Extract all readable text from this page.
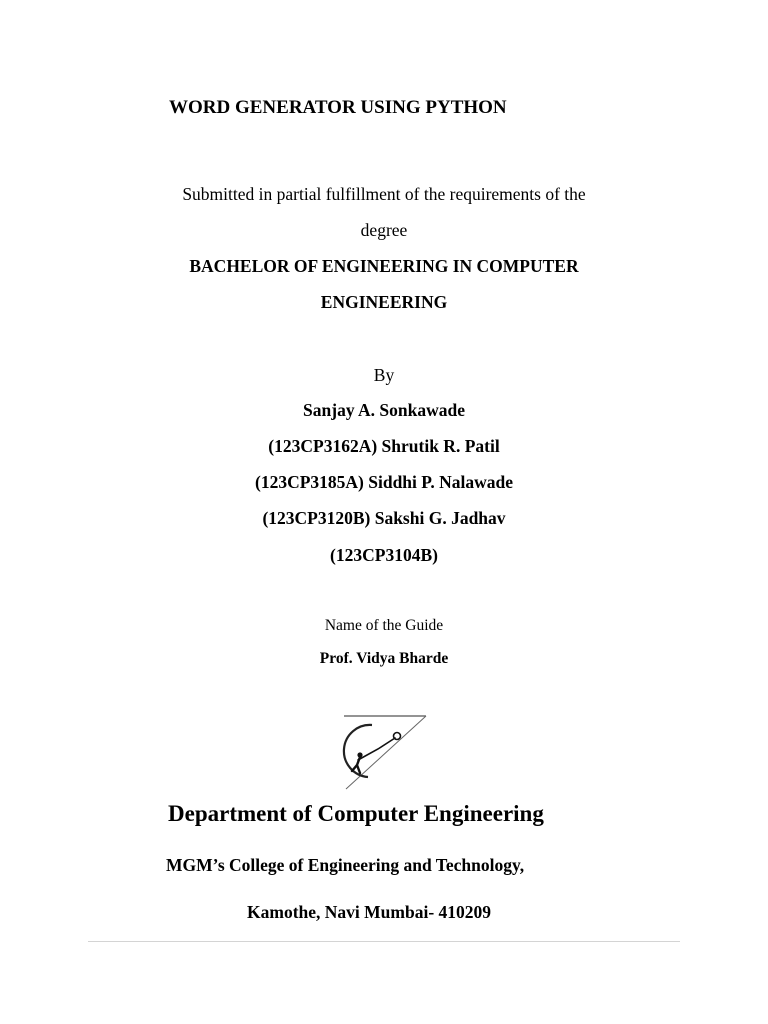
WORD GENERATOR USING PYTHON
Submitted in partial fulfillment of the requirements of the
degree
BACHELOR OF ENGINEERING IN COMPUTER
ENGINEERING
By
Sanjay A. Sonkawade
(123CP3162A) Shrutik R. Patil
(123CP3185A) Siddhi P. Nalawade
(123CP3120B) Sakshi G. Jadhav
(123CP3104B)
Name of the Guide
Prof. Vidya Bharde
Department of Computer Engineering
MGM’s College of Engineering and Technology,
Kamothe, Navi Mumbai- 410209
